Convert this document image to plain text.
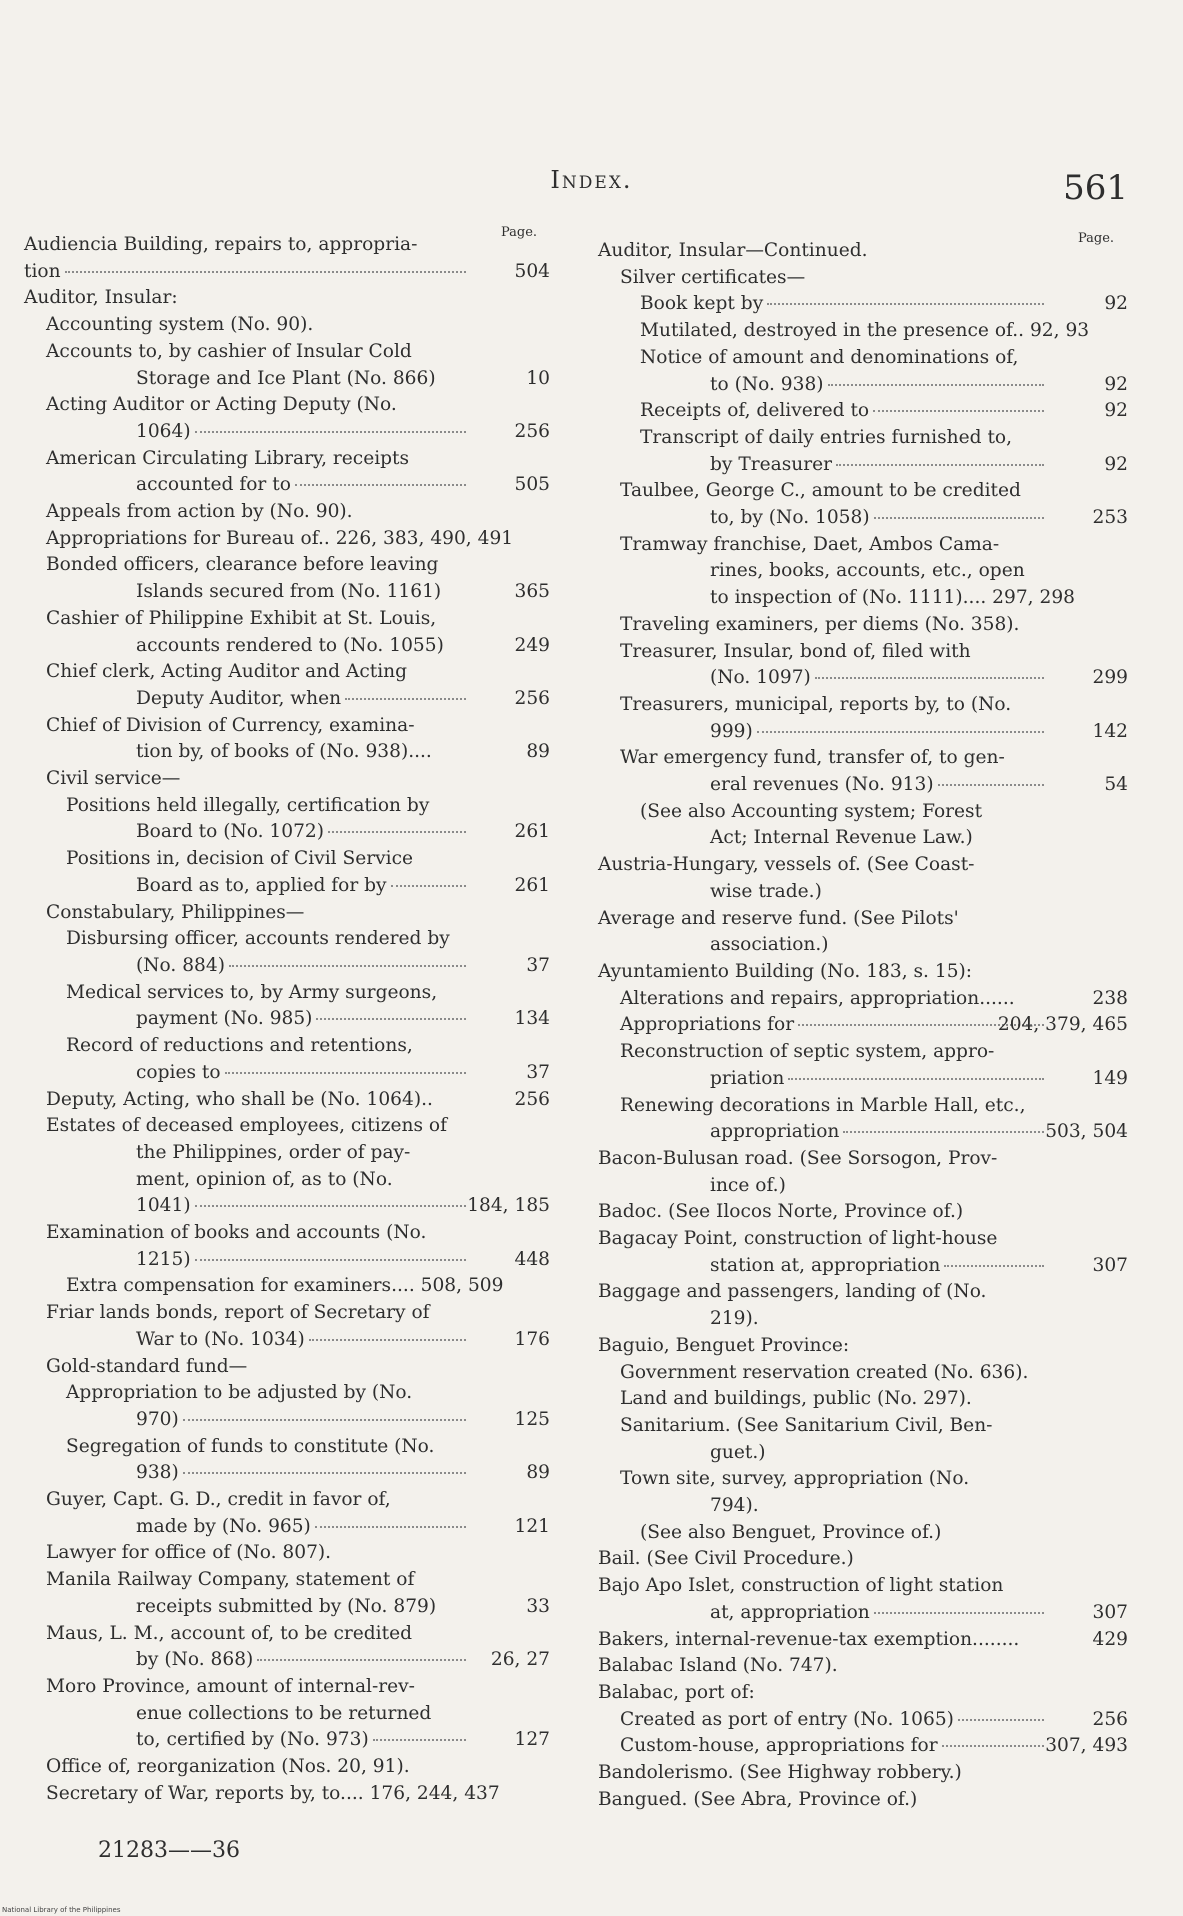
Index.	561
Page.	Page.
Audiencia Building, repairs to, appropria-
tion	504
Auditor, Insular:
Accounting system (No. 90).
Accounts to, by cashier of Insular Cold
Storage and Ice Plant (No. 866)	10
Acting Auditor or Acting Deputy (No.
1064)	256
American Circulating Library, receipts
accounted for to	505
Appeals from action by (No. 90).
Appropriations for Bureau of.. 226, 383, 490, 491
Bonded officers, clearance before leaving
Islands secured from (No. 1161)	365
Cashier of Philippine Exhibit at St. Louis,
accounts rendered to (No. 1055)	249
Chief clerk, Acting Auditor and Acting
Deputy Auditor, when	256
Chief of Division of Currency, examina-
tion by, of books of (No. 938)....	89
Civil service—
Positions held illegally, certification by
Board to (No. 1072)	261
Positions in, decision of Civil Service
Board as to, applied for by	261
Constabulary, Philippines—
Disbursing officer, accounts rendered by
(No. 884)	37
Medical services to, by Army surgeons,
payment (No. 985)	134
Record of reductions and retentions,
copies to	37
Deputy, Acting, who shall be (No. 1064)..	256
Estates of deceased employees, citizens of
the Philippines, order of pay-
ment, opinion of, as to (No.
1041)	184, 185
Examination of books and accounts (No.
1215)	448
Extra compensation for examiners.... 508, 509
Friar lands bonds, report of Secretary of
War to (No. 1034)	176
Gold-standard fund—
Appropriation to be adjusted by (No.
970)	125
Segregation of funds to constitute (No.
938)	89
Guyer, Capt. G. D., credit in favor of,
made by (No. 965)	121
Lawyer for office of (No. 807).
Manila Railway Company, statement of
receipts submitted by (No. 879)	33
Maus, L. M., account of, to be credited
by (No. 868)	26, 27
Moro Province, amount of internal-rev-
enue collections to be returned
to, certified by (No. 973)	127
Office of, reorganization (Nos. 20, 91).
Secretary of War, reports by, to.... 176, 244, 437
Auditor, Insular—Continued.
Silver certificates—
Book kept by	92
Mutilated, destroyed in the presence of.. 92, 93
Notice of amount and denominations of,
to (No. 938)	92
Receipts of, delivered to	92
Transcript of daily entries furnished to,
by Treasurer	92
Taulbee, George C., amount to be credited
to, by (No. 1058)	253
Tramway franchise, Daet, Ambos Cama-
rines, books, accounts, etc., open
to inspection of (No. 1111).... 297, 298
Traveling examiners, per diems (No. 358).
Treasurer, Insular, bond of, filed with
(No. 1097)	299
Treasurers, municipal, reports by, to (No.
999)	142
War emergency fund, transfer of, to gen-
eral revenues (No. 913)	54
(See also Accounting system; Forest
Act; Internal Revenue Law.)
Austria-Hungary, vessels of. (See Coast-
wise trade.)
Average and reserve fund. (See Pilots'
association.)
Ayuntamiento Building (No. 183, s. 15):
Alterations and repairs, appropriation......	238
Appropriations for	204, 379, 465
Reconstruction of septic system, appro-
priation	149
Renewing decorations in Marble Hall, etc.,
appropriation	503, 504
Bacon-Bulusan road. (See Sorsogon, Prov-
ince of.)
Badoc. (See Ilocos Norte, Province of.)
Bagacay Point, construction of light-house
station at, appropriation	307
Baggage and passengers, landing of (No.
219).
Baguio, Benguet Province:
Government reservation created (No. 636).
Land and buildings, public (No. 297).
Sanitarium. (See Sanitarium Civil, Ben-
guet.)
Town site, survey, appropriation (No.
794).
(See also Benguet, Province of.)
Bail. (See Civil Procedure.)
Bajo Apo Islet, construction of light station
at, appropriation	307
Bakers, internal-revenue-tax exemption........	429
Balabac Island (No. 747).
Balabac, port of:
Created as port of entry (No. 1065)	256
Custom-house, appropriations for	307, 493
Bandolerismo. (See Highway robbery.)
Bangued. (See Abra, Province of.)
21283——36
National Library of the Philippines
